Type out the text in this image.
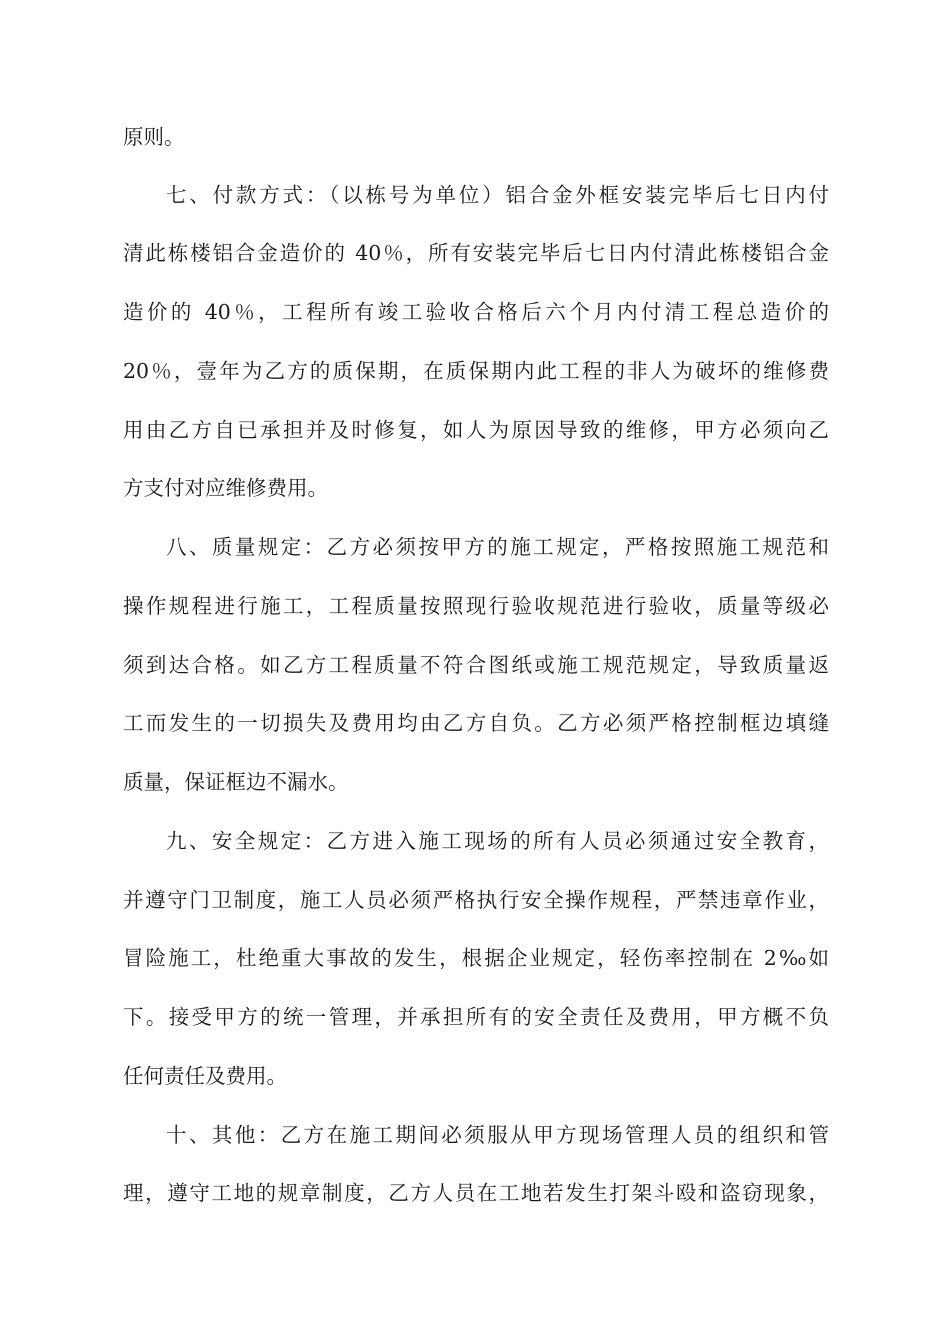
原则。
七、付款方式：（以栋号为单位）铝合金外框安装完毕后七日内付
清此栋楼铝合金造价的 40％，所有安装完毕后七日内付清此栋楼铝合金
造价的 40％，工程所有竣工验收合格后六个月内付清工程总造价的
20％，壹年为乙方的质保期，在质保期内此工程的非人为破坏的维修费
用由乙方自已承担并及时修复，如人为原因导致的维修，甲方必须向乙
方支付对应维修费用。
八、质量规定：乙方必须按甲方的施工规定，严格按照施工规范和
操作规程进行施工，工程质量按照现行验收规范进行验收，质量等级必
须到达合格。如乙方工程质量不符合图纸或施工规范规定，导致质量返
工而发生的一切损失及费用均由乙方自负。乙方必须严格控制框边填缝
质量，保证框边不漏水。
九、安全规定：乙方进入施工现场的所有人员必须通过安全教育，
并遵守门卫制度，施工人员必须严格执行安全操作规程，严禁违章作业，
冒险施工，杜绝重大事故的发生，根据企业规定，轻伤率控制在 2‰如
下。接受甲方的统一管理，并承担所有的安全责任及费用，甲方概不负
任何责任及费用。
十、其他：乙方在施工期间必须服从甲方现场管理人员的组织和管
理，遵守工地的规章制度，乙方人员在工地若发生打架斗殴和盗窃现象，
